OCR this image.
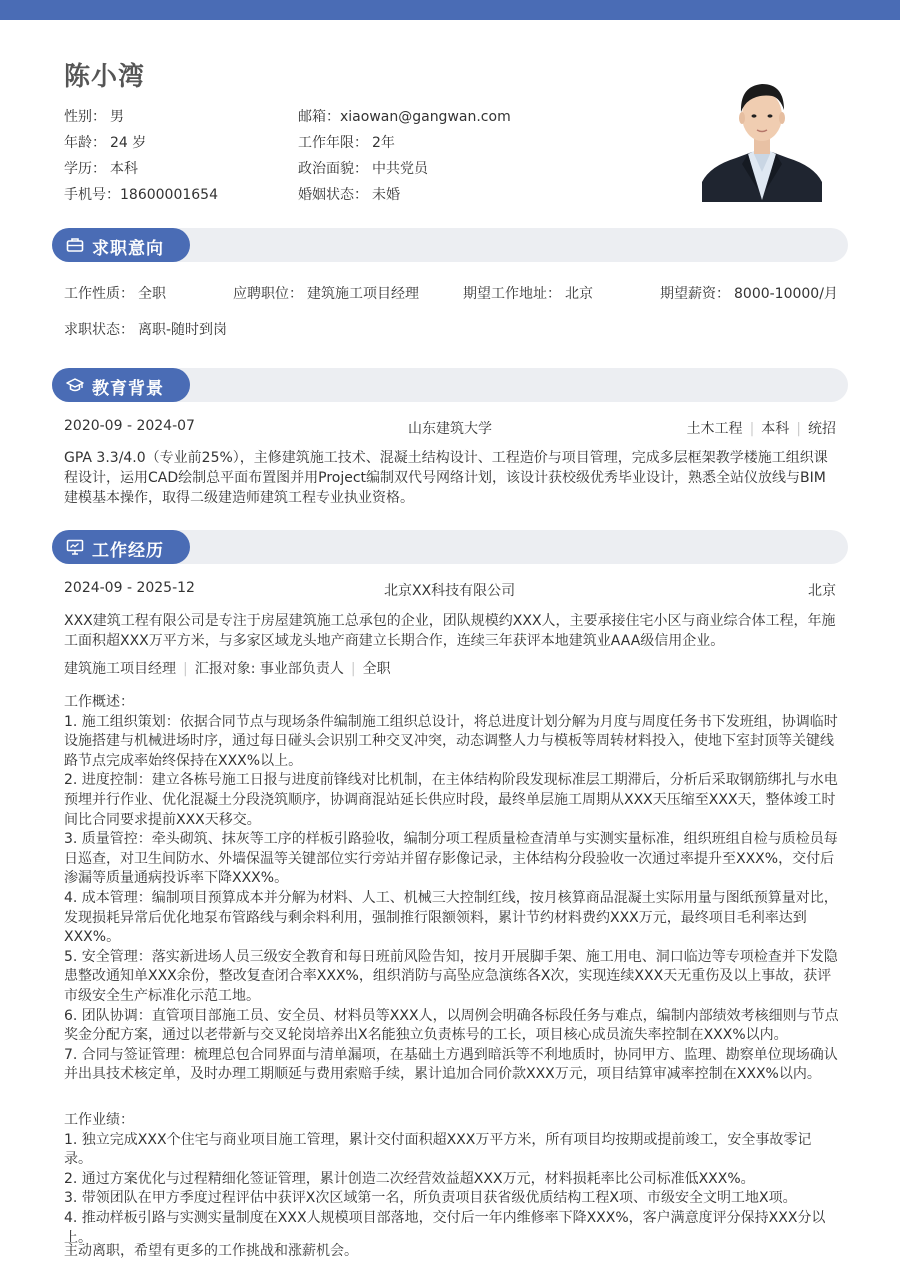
陈小湾
性别： 男
年龄： 24 岁
学历： 本科
手机号：18600001654
邮箱：xiaowan@gangwan.com
工作年限： 2年
政治面貌： 中共党员
婚姻状态： 未婚
求职意向
工作性质： 全职	应聘职位： 建筑施工项目经理	期望工作地址： 北京	期望薪资： 8000-10000/月
求职状态： 离职-随时到岗
教育背景
2020-09 - 2024-07	山东建筑大学	土木工程 | 本科 | 统招
GPA 3.3/4.0（专业前25%），主修建筑施工技术、混凝土结构设计、工程造价与项目管理，完成多层框架教学楼施工组织课程设计，运用CAD绘制总平面布置图并用Project编制双代号网络计划，该设计获校级优秀毕业设计，熟悉全站仪放线与BIM建模基本操作，取得二级建造师建筑工程专业执业资格。
工作经历
2024-09 - 2025-12	北京XX科技有限公司	北京
XXX建筑工程有限公司是专注于房屋建筑施工总承包的企业，团队规模约XXX人，主要承接住宅小区与商业综合体工程，年施工面积超XXX万平方米，与多家区域龙头地产商建立长期合作，连续三年获评本地建筑业AAA级信用企业。
建筑施工项目经理 | 汇报对象: 事业部负责人 | 全职
工作概述：
1. 施工组织策划：依据合同节点与现场条件编制施工组织总设计，将总进度计划分解为月度与周度任务书下发班组，协调临时设施搭建与机械进场时序，通过每日碰头会识别工种交叉冲突，动态调整人力与模板等周转材料投入，使地下室封顶等关键线路节点完成率始终保持在XXX%以上。
2. 进度控制：建立各栋号施工日报与进度前锋线对比机制，在主体结构阶段发现标准层工期滞后，分析后采取钢筋绑扎与水电预埋并行作业、优化混凝土分段浇筑顺序，协调商混站延长供应时段，最终单层施工周期从XXX天压缩至XXX天，整体竣工时间比合同要求提前XXX天移交。
3. 质量管控：牵头砌筑、抹灰等工序的样板引路验收，编制分项工程质量检查清单与实测实量标准，组织班组自检与质检员每日巡查，对卫生间防水、外墙保温等关键部位实行旁站并留存影像记录，主体结构分段验收一次通过率提升至XXX%，交付后渗漏等质量通病投诉率下降XXX%。
4. 成本管理：编制项目预算成本并分解为材料、人工、机械三大控制红线，按月核算商品混凝土实际用量与图纸预算量对比，发现损耗异常后优化地泵布管路线与剩余料利用，强制推行限额领料，累计节约材料费约XXX万元，最终项目毛利率达到XXX%。
5. 安全管理：落实新进场人员三级安全教育和每日班前风险告知，按月开展脚手架、施工用电、洞口临边等专项检查并下发隐患整改通知单XXX余份，整改复查闭合率XXX%，组织消防与高坠应急演练各X次，实现连续XXX天无重伤及以上事故，获评市级安全生产标准化示范工地。
6. 团队协调：直管项目部施工员、安全员、材料员等XXX人，以周例会明确各标段任务与难点，编制内部绩效考核细则与节点奖金分配方案，通过以老带新与交叉轮岗培养出X名能独立负责栋号的工长，项目核心成员流失率控制在XXX%以内。
7. 合同与签证管理：梳理总包合同界面与清单漏项，在基础土方遇到暗浜等不利地质时，协同甲方、监理、勘察单位现场确认并出具技术核定单，及时办理工期顺延与费用索赔手续，累计追加合同价款XXX万元，项目结算审减率控制在XXX%以内。
工作业绩：
1. 独立完成XXX个住宅与商业项目施工管理，累计交付面积超XXX万平方米，所有项目均按期或提前竣工，安全事故零记录。
2. 通过方案优化与过程精细化签证管理，累计创造二次经营效益超XXX万元，材料损耗率比公司标准低XXX%。
3. 带领团队在甲方季度过程评估中获评X次区域第一名，所负责项目获省级优质结构工程X项、市级安全文明工地X项。
4. 推动样板引路与实测实量制度在XXX人规模项目部落地，交付后一年内维修率下降XXX%，客户满意度评分保持XXX分以上。
主动离职，希望有更多的工作挑战和涨薪机会。
